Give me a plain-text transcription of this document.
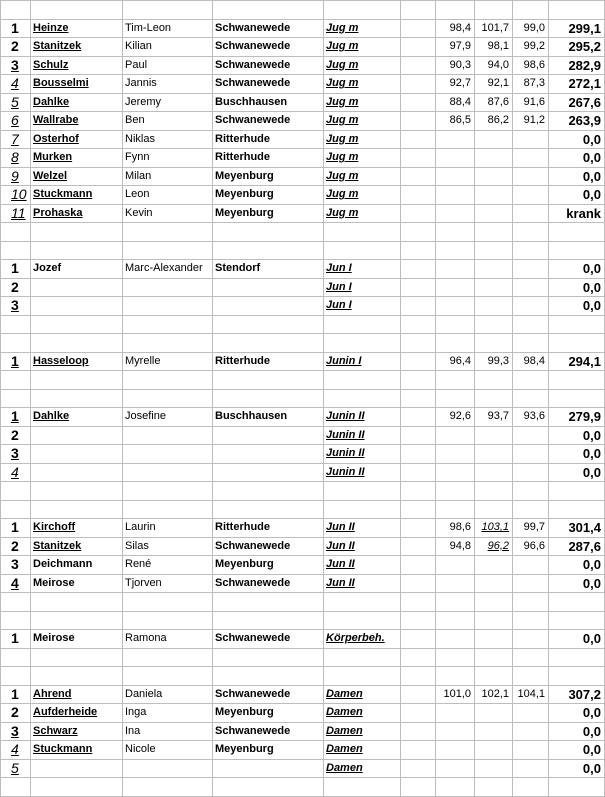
1	Heinze	Tim-Leon	Schwanewede	Jug m		98,4	101,7	99,0	299,1
2	Stanitzek	Kilian	Schwanewede	Jug m		97,9	98,1	99,2	295,2
3	Schulz	Paul	Schwanewede	Jug m		90,3	94,0	98,6	282,9
4	Bousselmi	Jannis	Schwanewede	Jug m		92,7	92,1	87,3	272,1
5	Dahlke	Jeremy	Buschhausen	Jug m		88,4	87,6	91,6	267,6
6	Wallrabe	Ben	Schwanewede	Jug m		86,5	86,2	91,2	263,9
7	Osterhof	Niklas	Ritterhude	Jug m					0,0
8	Murken	Fynn	Ritterhude	Jug m					0,0
9	Welzel	Milan	Meyenburg	Jug m					0,0
10	Stuckmann	Leon	Meyenburg	Jug m					0,0
11	Prohaska	Kevin	Meyenburg	Jug m					krank

1	Jozef	Marc-Alexander	Stendorf	Jun I					0,0
2				Jun I					0,0
3				Jun I					0,0

1	Hasseloop	Myrelle	Ritterhude	Junin I		96,4	99,3	98,4	294,1

1	Dahlke	Josefine	Buschhausen	Junin II		92,6	93,7	93,6	279,9
2				Junin II					0,0
3				Junin II					0,0
4				Junin II					0,0

1	Kirchoff	Laurin	Ritterhude	Jun II		98,6	103,1	99,7	301,4
2	Stanitzek	Silas	Schwanewede	Jun II		94,8	96,2	96,6	287,6
3	Deichmann	René	Meyenburg	Jun II					0,0
4	Meirose	Tjorven	Schwanewede	Jun II					0,0

1	Meirose	Ramona	Schwanewede	Körperbeh.					0,0

1	Ahrend	Daniela	Schwanewede	Damen		101,0	102,1	104,1	307,2
2	Aufderheide	Inga	Meyenburg	Damen					0,0
3	Schwarz	Ina	Schwanewede	Damen					0,0
4	Stuckmann	Nicole	Meyenburg	Damen					0,0
5				Damen					0,0
